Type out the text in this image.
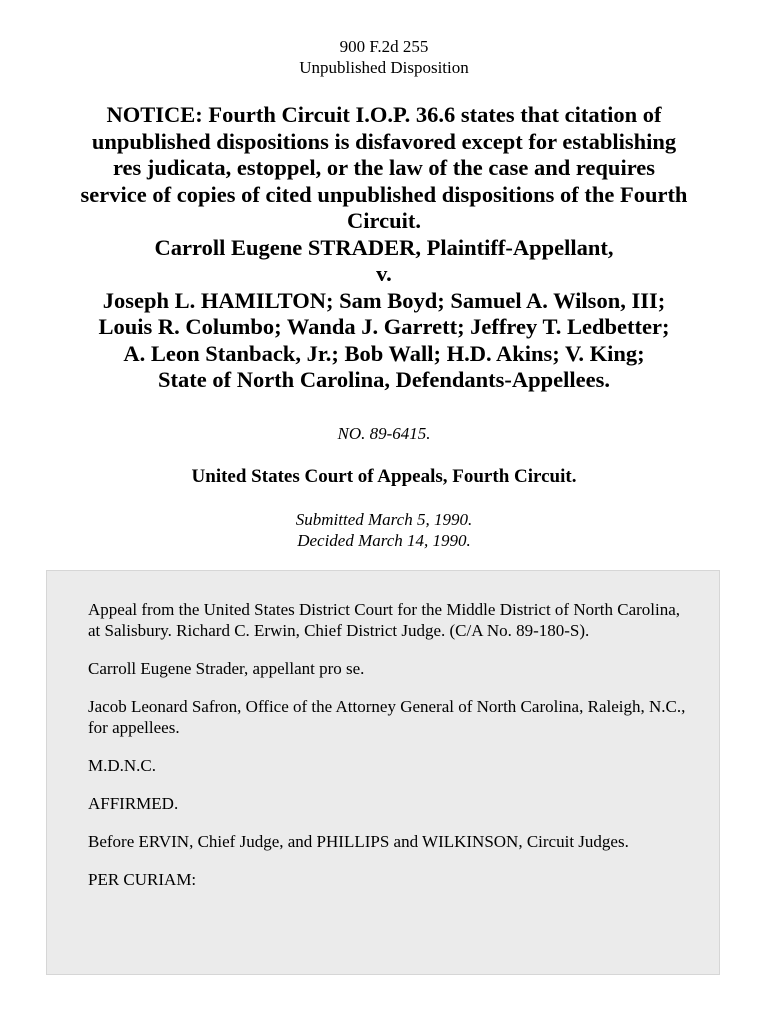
900 F.2d 255
Unpublished Disposition
NOTICE: Fourth Circuit I.O.P. 36.6 states that citation of
unpublished dispositions is disfavored except for establishing
res judicata, estoppel, or the law of the case and requires
service of copies of cited unpublished dispositions of the Fourth
Circuit.
Carroll Eugene STRADER, Plaintiff-Appellant,
v.
Joseph L. HAMILTON; Sam Boyd; Samuel A. Wilson, III;
Louis R. Columbo; Wanda J. Garrett; Jeffrey T. Ledbetter;
A. Leon Stanback, Jr.; Bob Wall; H.D. Akins; V. King;
State of North Carolina, Defendants-Appellees.
NO. 89-6415.
United States Court of Appeals, Fourth Circuit.
Submitted March 5, 1990.
Decided March 14, 1990.

Appeal from the United States District Court for the Middle District of North Carolina, at Salisbury. Richard C. Erwin, Chief District Judge. (C/A No. 89-180-S).

Carroll Eugene Strader, appellant pro se.

Jacob Leonard Safron, Office of the Attorney General of North Carolina, Raleigh, N.C., for appellees.

M.D.N.C.

AFFIRMED.

Before ERVIN, Chief Judge, and PHILLIPS and WILKINSON, Circuit Judges.

PER CURIAM:
